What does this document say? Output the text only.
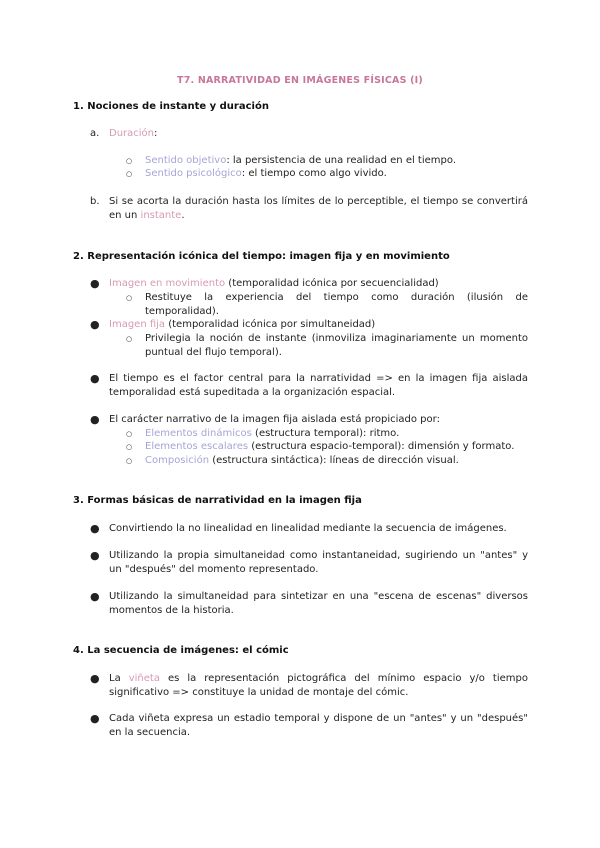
T7. NARRATIVIDAD EN IMÁGENES FÍSICAS (I)
1. Nociones de instante y duración
a. Duración:
○ Sentido objetivo: la persistencia de una realidad en el tiempo.
○ Sentido psicológico: el tiempo como algo vivido.
b. Si se acorta la duración hasta los límites de lo perceptible, el tiempo se convertirá en un instante.
2. Representación icónica del tiempo: imagen fija y en movimiento
● Imagen en movimiento (temporalidad icónica por secuencialidad)
○ Restituye la experiencia del tiempo como duración (ilusión de temporalidad).
● Imagen fija (temporalidad icónica por simultaneidad)
○ Privilegia la noción de instante (inmoviliza imaginariamente un momento puntual del flujo temporal).
● El tiempo es el factor central para la narratividad => en la imagen fija aislada temporalidad está supeditada a la organización espacial.
● El carácter narrativo de la imagen fija aislada está propiciado por:
○ Elementos dinámicos (estructura temporal): ritmo.
○ Elementos escalares (estructura espacio-temporal): dimensión y formato.
○ Composición (estructura sintáctica): líneas de dirección visual.
3. Formas básicas de narratividad en la imagen fija
● Convirtiendo la no linealidad en linealidad mediante la secuencia de imágenes.
● Utilizando la propia simultaneidad como instantaneidad, sugiriendo un "antes" y un "después" del momento representado.
● Utilizando la simultaneidad para sintetizar en una "escena de escenas" diversos momentos de la historia.
4. La secuencia de imágenes: el cómic
● La viñeta es la representación pictográfica del mínimo espacio y/o tiempo significativo => constituye la unidad de montaje del cómic.
● Cada viñeta expresa un estadio temporal y dispone de un "antes" y un "después" en la secuencia.
